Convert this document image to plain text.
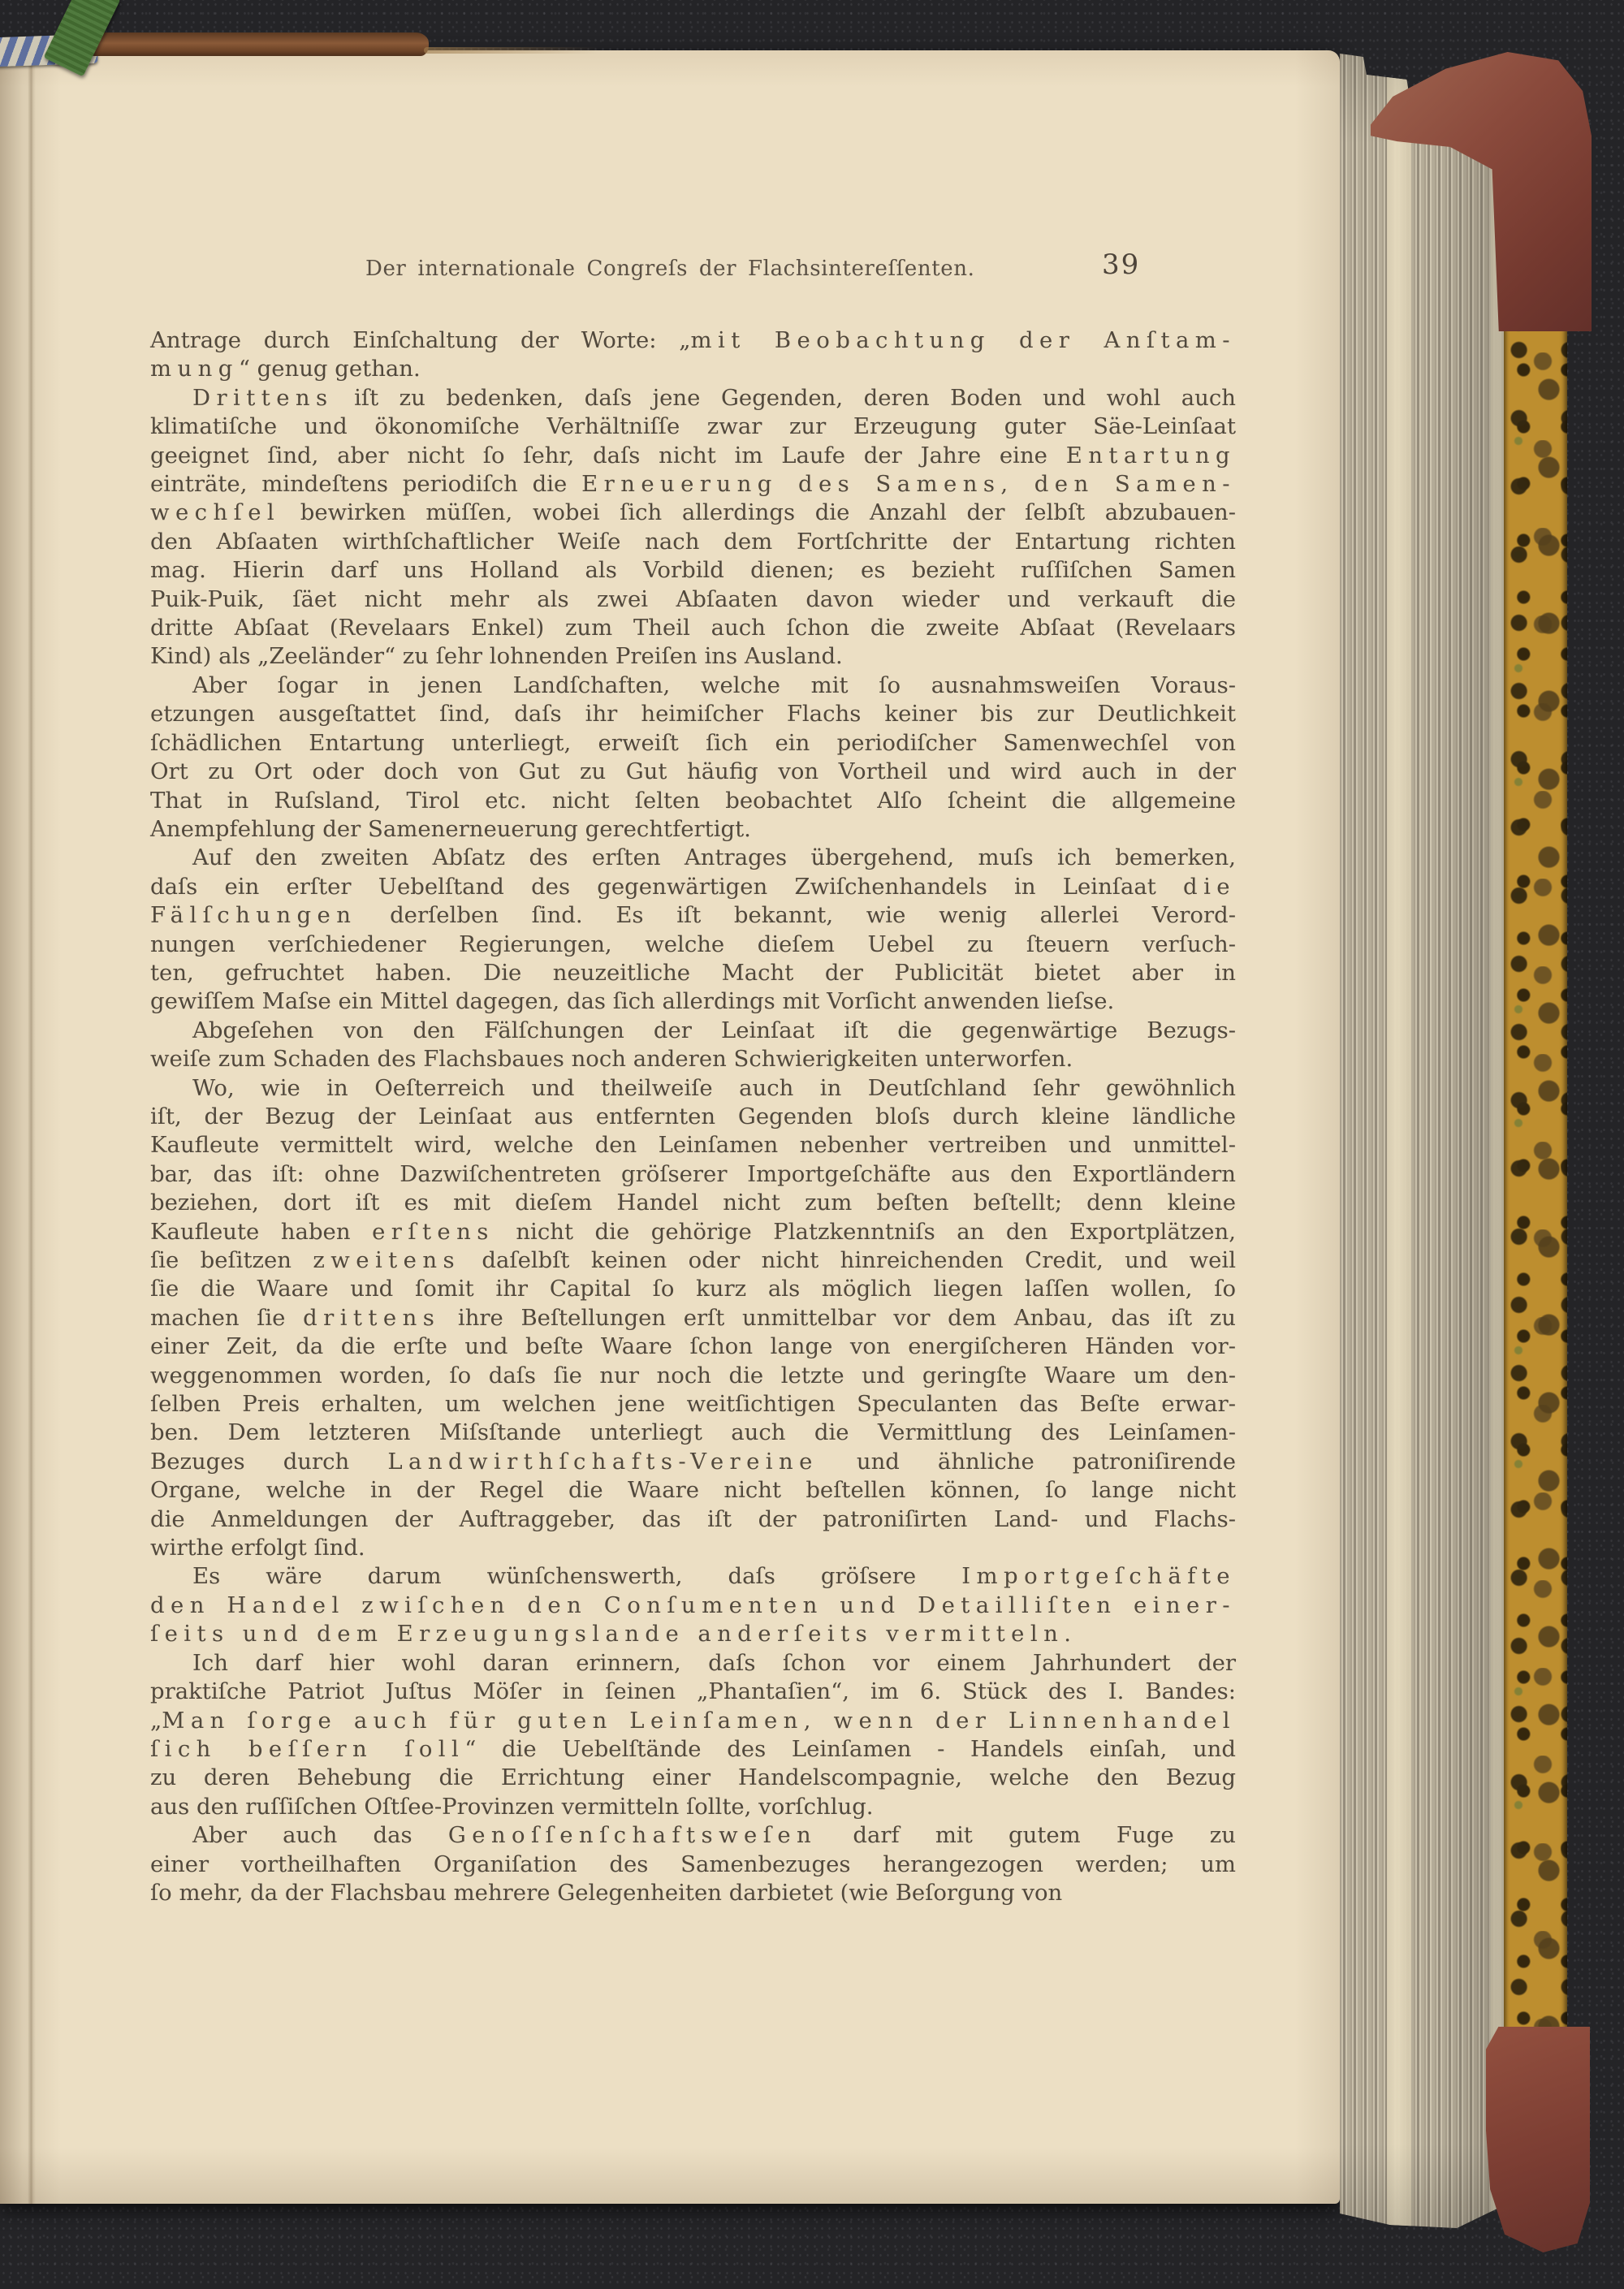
Der internationale Congreſs der Flachsintereſſenten.	39
Antrage durch Einſchaltung der Worte: „mit Beobachtung der Anſtam-
mung“ genug gethan.
Drittens iſt zu bedenken, daſs jene Gegenden, deren Boden und wohl auch
klimatiſche und ökonomiſche Verhältniſſe zwar zur Erzeugung guter Säe-Leinſaat
geeignet ſind, aber nicht ſo ſehr, daſs nicht im Laufe der Jahre eine Entartung
einträte, mindeſtens periodiſch die Erneuerung des Samens, den Samen-
wechſel bewirken müſſen, wobei ſich allerdings die Anzahl der ſelbſt abzubauen-
den Abſaaten wirthſchaftlicher Weiſe nach dem Fortſchritte der Entartung richten
mag. Hierin darf uns Holland als Vorbild dienen; es bezieht ruſſiſchen Samen
Puik-Puik, ſäet nicht mehr als zwei Abſaaten davon wieder und verkauft die
dritte Abſaat (Revelaars Enkel) zum Theil auch ſchon die zweite Abſaat (Revelaars
Kind) als „Zeeländer“ zu ſehr lohnenden Preiſen ins Ausland.
Aber ſogar in jenen Landſchaften, welche mit ſo ausnahmsweiſen Voraus-
etzungen ausgeſtattet ſind, daſs ihr heimiſcher Flachs keiner bis zur Deutlichkeit
ſchädlichen Entartung unterliegt, erweiſt ſich ein periodiſcher Samenwechſel von
Ort zu Ort oder doch von Gut zu Gut häufig von Vortheil und wird auch in der
That in Ruſsland, Tirol etc. nicht ſelten beobachtet Alſo ſcheint die allgemeine
Anempfehlung der Samenerneuerung gerechtfertigt.
Auf den zweiten Abſatz des erſten Antrages übergehend, muſs ich bemerken,
daſs ein erſter Uebelſtand des gegenwärtigen Zwiſchenhandels in Leinſaat die
Fälſchungen derſelben ſind. Es iſt bekannt, wie wenig allerlei Verord-
nungen verſchiedener Regierungen, welche dieſem Uebel zu ſteuern verſuch-
ten, gefruchtet haben. Die neuzeitliche Macht der Publicität bietet aber in
gewiſſem Maſse ein Mittel dagegen, das ſich allerdings mit Vorſicht anwenden lieſse.
Abgeſehen von den Fälſchungen der Leinſaat iſt die gegenwärtige Bezugs-
weiſe zum Schaden des Flachsbaues noch anderen Schwierigkeiten unterworfen.
Wo, wie in Oeſterreich und theilweiſe auch in Deutſchland ſehr gewöhnlich
iſt, der Bezug der Leinſaat aus entfernten Gegenden bloſs durch kleine ländliche
Kaufleute vermittelt wird, welche den Leinſamen nebenher vertreiben und unmittel-
bar, das iſt: ohne Dazwiſchentreten gröſserer Importgeſchäfte aus den Exportländern
beziehen, dort iſt es mit dieſem Handel nicht zum beſten beſtellt; denn kleine
Kaufleute haben erſtens nicht die gehörige Platzkenntniſs an den Exportplätzen,
ſie beſitzen zweitens daſelbſt keinen oder nicht hinreichenden Credit, und weil
ſie die Waare und ſomit ihr Capital ſo kurz als möglich liegen laſſen wollen, ſo
machen ſie drittens ihre Beſtellungen erſt unmittelbar vor dem Anbau, das iſt zu
einer Zeit, da die erſte und beſte Waare ſchon lange von energiſcheren Händen vor-
weggenommen worden, ſo daſs ſie nur noch die letzte und geringſte Waare um den-
ſelben Preis erhalten, um welchen jene weitſichtigen Speculanten das Beſte erwar-
ben. Dem letzteren Miſsſtande unterliegt auch die Vermittlung des Leinſamen-
Bezuges durch Landwirthſchafts-Vereine und ähnliche patroniſirende
Organe, welche in der Regel die Waare nicht beſtellen können, ſo lange nicht
die Anmeldungen der Auftraggeber, das iſt der patroniſirten Land- und Flachs-
wirthe erfolgt ſind.
Es wäre darum wünſchenswerth, daſs gröſsere Importgeſchäfte
den Handel zwiſchen den Conſumenten und Detailliſten einer-
ſeits und dem Erzeugungslande anderſeits vermitteln.
Ich darf hier wohl daran erinnern, daſs ſchon vor einem Jahrhundert der
praktiſche Patriot Juſtus Möſer in ſeinen „Phantaſien“, im 6. Stück des I. Bandes:
„Man ſorge auch für guten Leinſamen, wenn der Linnenhandel
ſich beſſern ſoll“ die Uebelſtände des Leinſamen - Handels einſah, und
zu deren Behebung die Errichtung einer Handelscompagnie, welche den Bezug
aus den ruſſiſchen Oſtſee-Provinzen vermitteln ſollte, vorſchlug.
Aber auch das Genoſſenſchaftsweſen darf mit gutem Fuge zu
einer vortheilhaften Organiſation des Samenbezuges herangezogen werden; um
ſo mehr, da der Flachsbau mehrere Gelegenheiten darbietet (wie Beſorgung von
